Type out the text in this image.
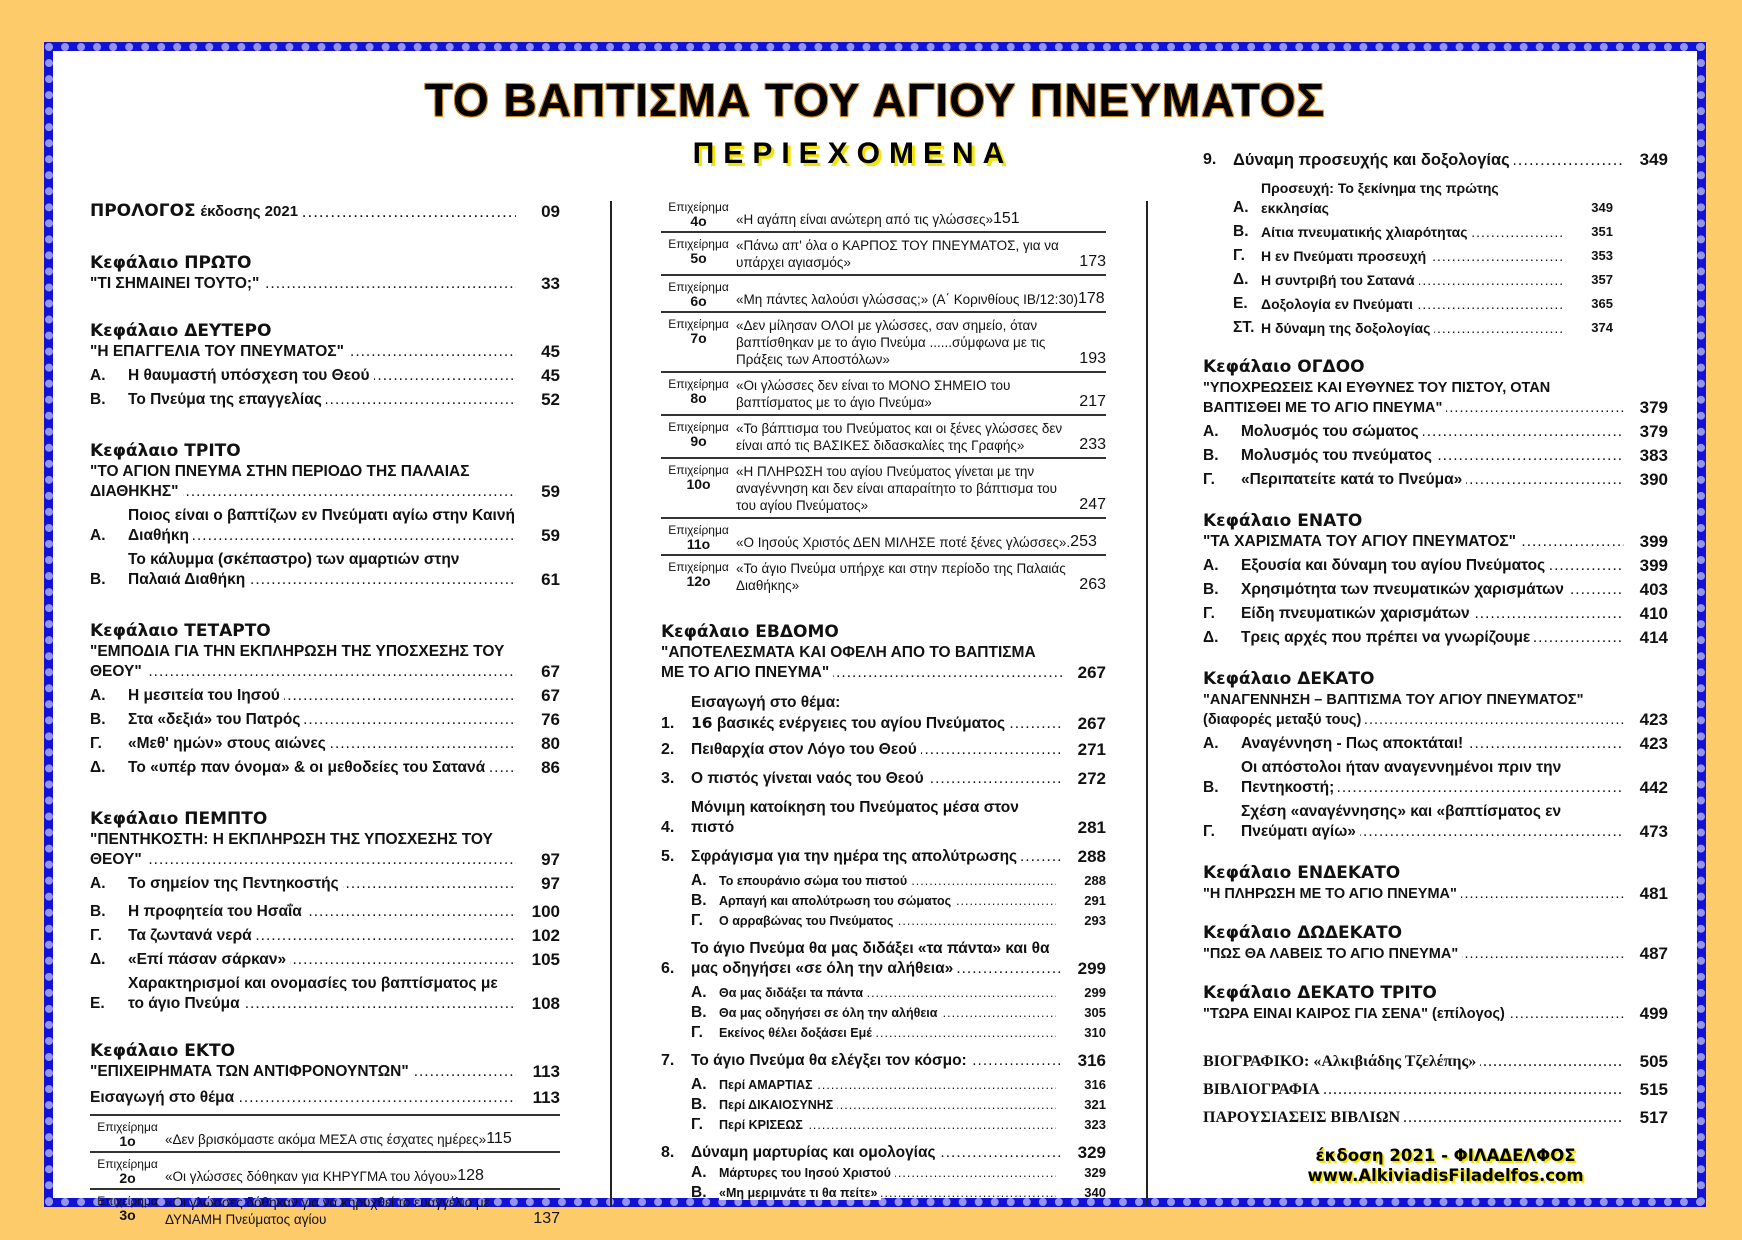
ΤΟ ΒΑΠΤΙΣΜΑ ΤΟΥ ΑΓΙΟΥ ΠΝΕΥΜΑΤΟΣ
ΠΕΡΙΕΧΟΜΕΝΑ
ΠΡΟΛΟΓΟΣ έκδοσης 2021 .....	09
Κεφάλαιο ΠΡΩΤΟ
"ΤΙ ΣΗΜΑΙΝΕΙ ΤΟΥΤΟ;" .....	33
Κεφάλαιο ΔΕΥΤΕΡΟ
"Η ΕΠΑΓΓΕΛΙΑ ΤΟΥ ΠΝΕΥΜΑΤΟΣ" .....	45
Α.	Η θαυμαστή υπόσχεση του Θεού .....	45
Β.	Το Πνεύμα της επαγγελίας .....	52
Κεφάλαιο ΤΡΙΤΟ
"ΤΟ ΑΓΙΟΝ ΠΝΕΥΜΑ ΣΤΗΝ ΠΕΡΙΟΔΟ ΤΗΣ ΠΑΛΑΙΑΣ ΔΙΑΘΗΚΗΣ" .....	59
Α.
Ποιος είναι ο βαπτίζων εν Πνεύματι αγίω στην Καινή Διαθήκη .....	59
Β.
Το κάλυμμα (σκέπαστρο) των αμαρτιών στην Παλαιά Διαθήκη .....	61
Κεφάλαιο ΤΕΤΑΡΤΟ
"ΕΜΠΟΔΙΑ ΓΙΑ ΤΗΝ ΕΚΠΛΗΡΩΣΗ ΤΗΣ ΥΠΟΣΧΕΣΗΣ ΤΟΥ ΘΕΟΥ" .....	67
Α.	Η μεσιτεία του Ιησού .....	67
Β.	Στα «δεξιά» του Πατρός .....	76
Γ.	«Μεθ' ημών» στους αιώνες .....	80
Δ.	Το «υπέρ παν όνομα» & οι μεθοδείες του Σατανά .....	86
Κεφάλαιο ΠΕΜΠΤΟ
"ΠΕΝΤΗΚΟΣΤΗ: Η ΕΚΠΛΗΡΩΣΗ ΤΗΣ ΥΠΟΣΧΕΣΗΣ ΤΟΥ ΘΕΟΥ" .....	97
Α.	Το σημείον της Πεντηκοστής .....	97
Β.	Η προφητεία του Ησαΐα .....	100
Γ.	Τα ζωντανά νερά .....	102
Δ.	«Επί πάσαν σάρκαν» .....	105
Ε.
Χαρακτηρισμοί και ονομασίες του βαπτίσματος με το άγιο Πνεύμα .....	108
Κεφάλαιο ΕΚΤΟ
"ΕΠΙΧΕΙΡΗΜΑΤΑ ΤΩΝ ΑΝΤΙΦΡΟΝΟΥΝΤΩΝ" .....	113
Εισαγωγή στο θέμα .....	113
Επιχείρημα
1ο	«Δεν βρισκόμαστε ακόμα ΜΕΣΑ στις έσχατες ημέρες» 115
Επιχείρημα
2ο	«Οι γλώσσες δόθηκαν για ΚΗΡΥΓΜΑ του λόγου» 128
Επιχείρημα
3ο
«Οι γλώσσες δόθηκαν για να κηρυχθεί το ευαγγέλιο με ΔΥΝΑΜΗ Πνεύματος αγίου	137
Επιχείρημα
4ο	«Η αγάπη είναι ανώτερη από τις γλώσσες» 151
Επιχείρημα
5ο
«Πάνω απ' όλα ο ΚΑΡΠΟΣ ΤΟΥ ΠΝΕΥΜΑΤΟΣ, για να υπάρχει αγιασμός»	173
Επιχείρημα
6ο	«Μη πάντες λαλούσι γλώσσας;» (Α΄ Κορινθίους ΙΒ/12:30) 178
Επιχείρημα
7ο
«Δεν μίλησαν ΟΛΟΙ με γλώσσες, σαν σημείο, όταν βαπτίσθηκαν με το άγιο Πνεύμα ......σύμφωνα με τις Πράξεις των Αποστόλων»	193
Επιχείρημα
8ο
«Οι γλώσσες δεν είναι το ΜΟΝΟ ΣΗΜΕΙΟ του βαπτίσματος με το άγιο Πνεύμα»	217
Επιχείρημα
9ο
«Το βάπτισμα του Πνεύματος και οι ξένες γλώσσες δεν είναι από τις ΒΑΣΙΚΕΣ διδασκαλίες της Γραφής»	233
Επιχείρημα
10ο
«Η ΠΛΗΡΩΣΗ του αγίου Πνεύματος γίνεται με την αναγέννηση και δεν είναι απαραίτητο το βάπτισμα του του αγίου Πνεύματος»	247
Επιχείρημα
11ο	«Ο Ιησούς Χριστός ΔΕΝ ΜΙΛΗΣΕ ποτέ ξένες γλώσσες». 253
Επιχείρημα
12ο
«Το άγιο Πνεύμα υπήρχε και στην περίοδο της Παλαιάς Διαθήκης»	263
Κεφάλαιο ΕΒΔΟΜΟ
"ΑΠΟΤΕΛΕΣΜΑΤΑ ΚΑΙ ΟΦΕΛΗ ΑΠΟ ΤΟ ΒΑΠΤΙΣΜΑ ΜΕ ΤΟ ΑΓΙΟ ΠΝΕΥΜΑ" .....	267
1.
Εισαγωγή στο θέμα:
16 βασικές ενέργειες του αγίου Πνεύματος .....	267
2.	Πειθαρχία στον Λόγο του Θεού .....	271
3.	Ο πιστός γίνεται ναός του Θεού .....	272
4.
Μόνιμη κατοίκηση του Πνεύματος μέσα στον πιστό	281
5.	Σφράγισμα για την ημέρα της απολύτρωσης .....	288
Α.	Το επουράνιο σώμα του πιστού .....	288
Β.	Αρπαγή και απολύτρωση του σώματος .....	291
Γ.	Ο αρραβώνας του Πνεύματος .....	293
6.
Το άγιο Πνεύμα θα μας διδάξει «τα πάντα» και θα μας οδηγήσει «σε όλη την αλήθεια» .....	299
Α.	Θα μας διδάξει τα πάντα .....	299
Β.	Θα μας οδηγήσει σε όλη την αλήθεια .....	305
Γ.	Εκείνος θέλει δοξάσει Εμέ .....	310
7.	Το άγιο Πνεύμα θα ελέγξει τον κόσμο: .....	316
Α.	Περί ΑΜΑΡΤΙΑΣ .....	316
Β.	Περί ΔΙΚΑΙΟΣΥΝΗΣ .....	321
Γ.	Περί ΚΡΙΣΕΩΣ .....	323
8.	Δύναμη μαρτυρίας και ομολογίας .....	329
Α.	Μάρτυρες του Ιησού Χριστού .....	329
Β.	«Μη μεριμνάτε τι θα πείτε» .....	340
9.	Δύναμη προσευχής και δοξολογίας .....	349
Α.
Προσευχή: Το ξεκίνημα της πρώτης εκκλησίας	349
Β. Αίτια πνευματικής χλιαρότητας .....	351
Γ.	Η εν Πνεύματι προσευχή .....	353
Δ. Η συντριβή του Σατανά .....	357
Ε. Δοξολογία εν Πνεύματι .....	365
ΣΤ. Η δύναμη της δοξολογίας .....	374
Κεφάλαιο ΟΓΔΟΟ
"ΥΠΟΧΡΕΩΣΕΙΣ ΚΑΙ ΕΥΘΥΝΕΣ ΤΟΥ ΠΙΣΤΟΥ, ΟΤΑΝ ΒΑΠΤΙΣΘΕΙ ΜΕ ΤΟ ΑΓΙΟ ΠΝΕΥΜΑ" .....	379
Α.	Μολυσμός του σώματος .....	379
Β.	Μολυσμός του πνεύματος .....	383
Γ.	«Περιπατείτε κατά το Πνεύμα» .....	390
Κεφάλαιο ΕΝΑΤΟ
"ΤΑ ΧΑΡΙΣΜΑΤΑ ΤΟΥ ΑΓΙΟΥ ΠΝΕΥΜΑΤΟΣ" .....	399
Α.	Εξουσία και δύναμη του αγίου Πνεύματος .....	399
Β.	Χρησιμότητα των πνευματικών χαρισμάτων .....	403
Γ.	Είδη πνευματικών χαρισμάτων .....	410
Δ.	Τρεις αρχές που πρέπει να γνωρίζουμε .....	414
Κεφάλαιο ΔΕΚΑΤΟ
"ΑΝΑΓΕΝΝΗΣΗ – ΒΑΠΤΙΣΜΑ ΤΟΥ ΑΓΙΟΥ ΠΝΕΥΜΑΤΟΣ" (διαφορές μεταξύ τους) .....	423
Α.	Αναγέννηση - Πως αποκτάται! .....	423
Β.
Οι απόστολοι ήταν αναγεννημένοι πριν την Πεντηκοστή; .....	442
Γ.
Σχέση «αναγέννησης» και «βαπτίσματος εν Πνεύματι αγίω» .....	473
Κεφάλαιο ΕΝΔΕΚΑΤΟ
"Η ΠΛΗΡΩΣΗ ΜΕ ΤΟ ΑΓΙΟ ΠΝΕΥΜΑ" .....	481
Κεφάλαιο ΔΩΔΕΚΑΤΟ
"ΠΩΣ ΘΑ ΛΑΒΕΙΣ ΤΟ ΑΓΙΟ ΠΝΕΥΜΑ" .....	487
Κεφάλαιο ΔΕΚΑΤΟ ΤΡΙΤΟ
"ΤΩΡΑ ΕΙΝΑΙ ΚΑΙΡΟΣ ΓΙΑ ΣΕΝΑ" (επίλογος) .....	499
ΒΙΟΓΡΑΦΙΚΟ: «Αλκιβιάδης Τζελέπης» .....	505
ΒΙΒΛΙΟΓΡΑΦΙΑ .....	515
ΠΑΡΟΥΣΙΑΣΕΙΣ ΒΙΒΛΙΩΝ .....	517
έκδοση 2021 - ΦΙΛΑΔΕΛΦΟΣ
www.AlkiviadisFiladelfos.com
